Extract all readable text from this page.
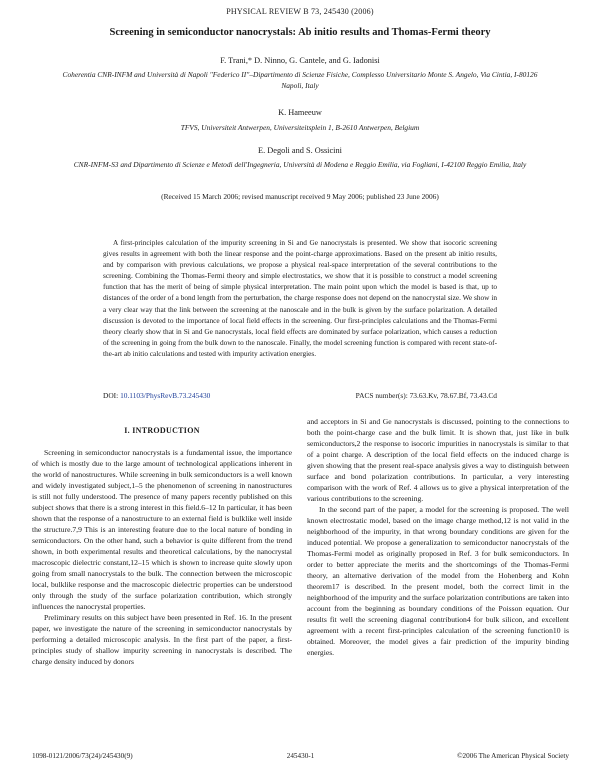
PHYSICAL REVIEW B 73, 245430 (2006)
Screening in semiconductor nanocrystals: Ab initio results and Thomas-Fermi theory
F. Trani,* D. Ninno, G. Cantele, and G. Iadonisi
Coherentia CNR-INFM and Università di Napoli "Federico II"–Dipartimento di Scienze Fisiche, Complesso Universitario Monte S. Angelo, Via Cintia, I-80126 Napoli, Italy
K. Hameeuw
TFVS, Universiteit Antwerpen, Universiteitsplein 1, B-2610 Antwerpen, Belgium
E. Degoli and S. Ossicini
CNR-INFM-S3 and Dipartimento di Scienze e Metodi dell'Ingegneria, Università di Modena e Reggio Emilia, via Fogliani, I-42100 Reggio Emilia, Italy
(Received 15 March 2006; revised manuscript received 9 May 2006; published 23 June 2006)

A first-principles calculation of the impurity screening in Si and Ge nanocrystals is presented. We show that isocoric screening gives results in agreement with both the linear response and the point-charge approximations. Based on the present ab initio results, and by comparison with previous calculations, we propose a physical real-space interpretation of the several contributions to the screening. Combining the Thomas-Fermi theory and simple electrostatics, we show that it is possible to construct a model screening function that has the merit of being of simple physical interpretation. The main point upon which the model is based is that, up to distances of the order of a bond length from the perturbation, the charge response does not depend on the nanocrystal size. We show in a very clear way that the link between the screening at the nanoscale and in the bulk is given by the surface polarization. A detailed discussion is devoted to the importance of local field effects in the screening. Our first-principles calculations and the Thomas-Fermi theory clearly show that in Si and Ge nanocrystals, local field effects are dominated by surface polarization, which causes a reduction of the screening in going from the bulk down to the nanoscale. Finally, the model screening function is compared with recent state-of-the-art ab initio calculations and tested with impurity activation energies.

DOI: 10.1103/PhysRevB.73.245430	PACS number(s): 73.63.Kv, 78.67.Bf, 73.43.Cd
I. INTRODUCTION

Screening in semiconductor nanocrystals is a fundamental issue, the importance of which is mostly due to the large amount of technological applications inherent in the world of nanostructures. While screening in bulk semiconductors is a well known and widely investigated subject,1–5 the phenomenon of screening in nanostructures is still not fully understood. The presence of many papers recently published on this subject shows that there is a strong interest in this field.6–12 In particular, it has been shown that the response of a nanostructure to an external field is bulklike well inside the structure.7,9 This is an interesting feature due to the local nature of bonding in semiconductors. On the other hand, such a behavior is quite different from the trend shown, in both experimental results and theoretical calculations, by the nanocrystal macroscopic dielectric constant,12–15 which is shown to increase quite slowly upon going from small nanocrystals to the bulk. The connection between the microscopic local, bulklike response and the macroscopic dielectric properties can be understood only through the study of the surface polarization contribution, which strongly influences the nanocrystal properties.

Preliminary results on this subject have been presented in Ref. 16. In the present paper, we investigate the nature of the screening in semiconductor nanocrystals by performing a detailed microscopic analysis. In the first part of the paper, a first-principles study of shallow impurity screening in nanocrystals is described. The charge density induced by donors

and acceptors in Si and Ge nanocrystals is discussed, pointing to the connections to both the point-charge case and the bulk limit. It is shown that, just like in bulk semiconductors,2 the response to isocoric impurities in nanocrystals is similar to that of a point charge. A description of the local field effects on the induced charge is given showing that the present real-space analysis gives a way to distinguish between surface and bond polarization contributions. In particular, a very interesting comparison with the work of Ref. 4 allows us to give a physical interpretation of the various contributions to the screening.

In the second part of the paper, a model for the screening is proposed. The well known electrostatic model, based on the image charge method,12 is not valid in the neighborhood of the impurity, in that wrong boundary conditions are given for the induced potential. We propose a generalization to semiconductor nanocrystals of the Thomas-Fermi model as originally proposed in Ref. 3 for bulk semiconductors. In order to better appreciate the merits and the shortcomings of the Thomas-Fermi theory, an alternative derivation of the model from the Hohenberg and Kohn theorem17 is described. In the present model, both the correct limit in the neighborhood of the impurity and the surface polarization contributions are taken into account from the beginning as boundary conditions of the Poisson equation. Our results fit well the screening diagonal contribution4 for bulk silicon, and excellent agreement with a recent first-principles calculation of the screening function10 is obtained. Moreover, the model gives a fair prediction of the impurity binding energies.

1098-0121/2006/73(24)/245430(9)	245430-1	©2006 The American Physical Society
